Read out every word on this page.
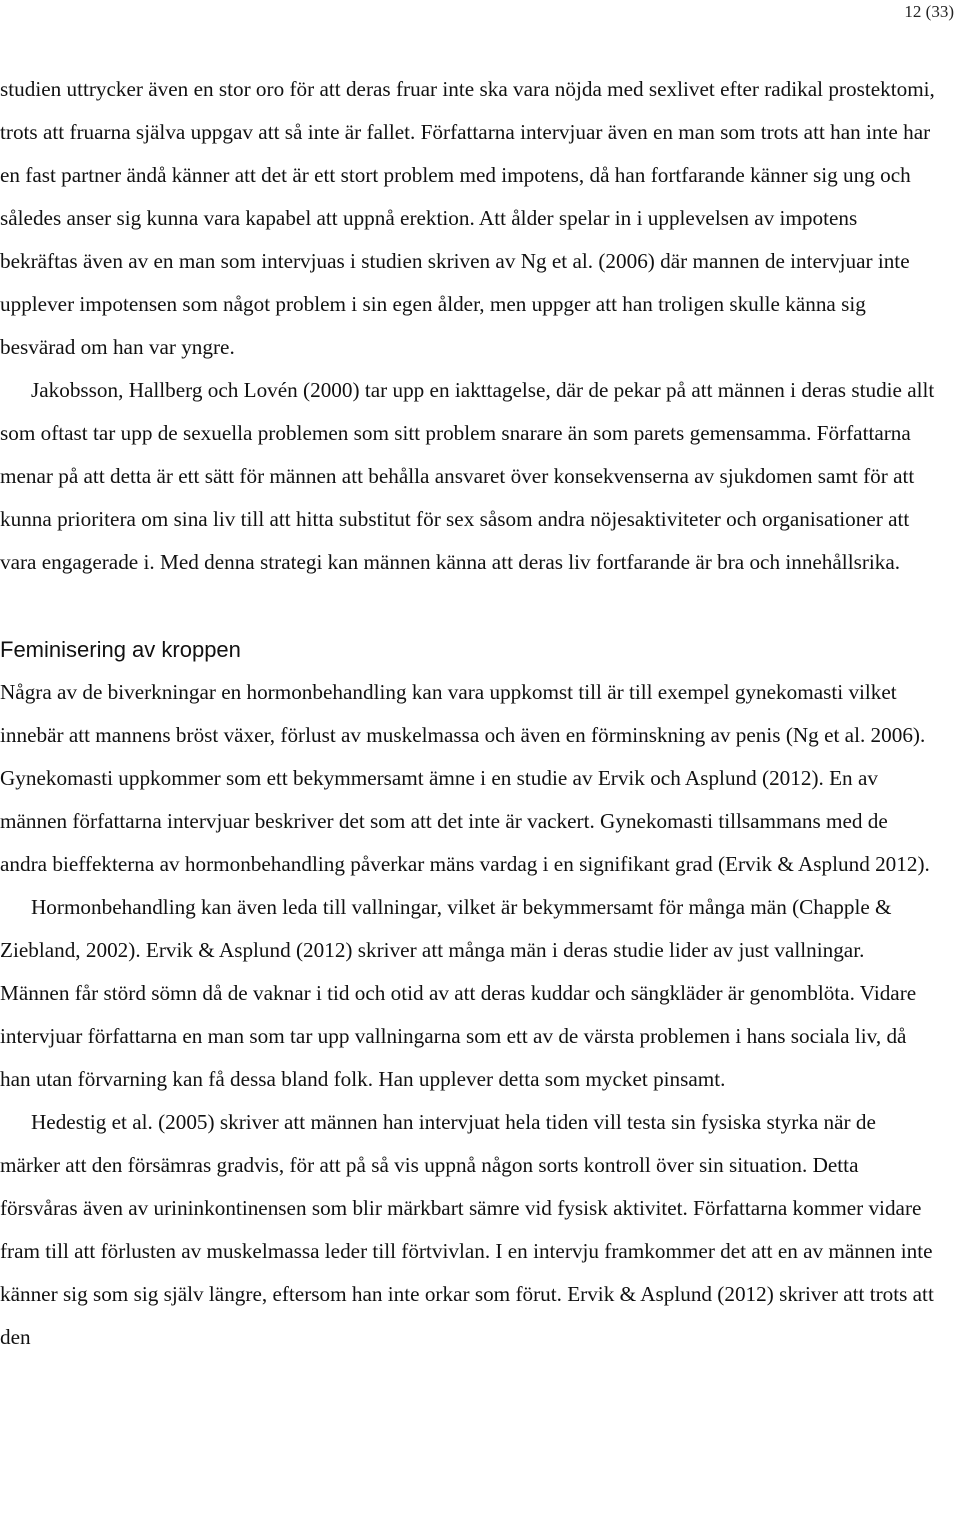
12 (33)

studien uttrycker även en stor oro för att deras fruar inte ska vara nöjda med sexlivet efter radikal prostektomi, trots att fruarna själva uppgav att så inte är fallet. Författarna intervjuar även en man som trots att han inte har en fast partner ändå känner att det är ett stort problem med impotens, då han fortfarande känner sig ung och således anser sig kunna vara kapabel att uppnå erektion. Att ålder spelar in i upplevelsen av impotens bekräftas även av en man som intervjuas i studien skriven av Ng et al. (2006) där mannen de intervjuar inte upplever impotensen som något problem i sin egen ålder, men uppger att han troligen skulle känna sig besvärad om han var yngre.

Jakobsson, Hallberg och Lovén (2000) tar upp en iakttagelse, där de pekar på att männen i deras studie allt som oftast tar upp de sexuella problemen som sitt problem snarare än som parets gemensamma. Författarna menar på att detta är ett sätt för männen att behålla ansvaret över konsekvenserna av sjukdomen samt för att kunna prioritera om sina liv till att hitta substitut för sex såsom andra nöjesaktiviteter och organisationer att vara engagerade i. Med denna strategi kan männen känna att deras liv fortfarande är bra och innehållsrika.

Feminisering av kroppen

Några av de biverkningar en hormonbehandling kan vara uppkomst till är till exempel gynekomasti vilket innebär att mannens bröst växer, förlust av muskelmassa och även en förminskning av penis (Ng et al. 2006). Gynekomasti uppkommer som ett bekymmersamt ämne i en studie av Ervik och Asplund (2012). En av männen författarna intervjuar beskriver det som att det inte är vackert. Gynekomasti tillsammans med de andra bieffekterna av hormonbehandling påverkar mäns vardag i en signifikant grad (Ervik & Asplund 2012).

Hormonbehandling kan även leda till vallningar, vilket är bekymmersamt för många män (Chapple & Ziebland, 2002). Ervik & Asplund (2012) skriver att många män i deras studie lider av just vallningar. Männen får störd sömn då de vaknar i tid och otid av att deras kuddar och sängkläder är genomblöta. Vidare intervjuar författarna en man som tar upp vallningarna som ett av de värsta problemen i hans sociala liv, då han utan förvarning kan få dessa bland folk. Han upplever detta som mycket pinsamt.

Hedestig et al. (2005) skriver att männen han intervjuat hela tiden vill testa sin fysiska styrka när de märker att den försämras gradvis, för att på så vis uppnå någon sorts kontroll över sin situation. Detta försvåras även av urininkontinensen som blir märkbart sämre vid fysisk aktivitet. Författarna kommer vidare fram till att förlusten av muskelmassa leder till förtvivlan. I en intervju framkommer det att en av männen inte känner sig som sig själv längre, eftersom han inte orkar som förut. Ervik & Asplund (2012) skriver att trots att den
